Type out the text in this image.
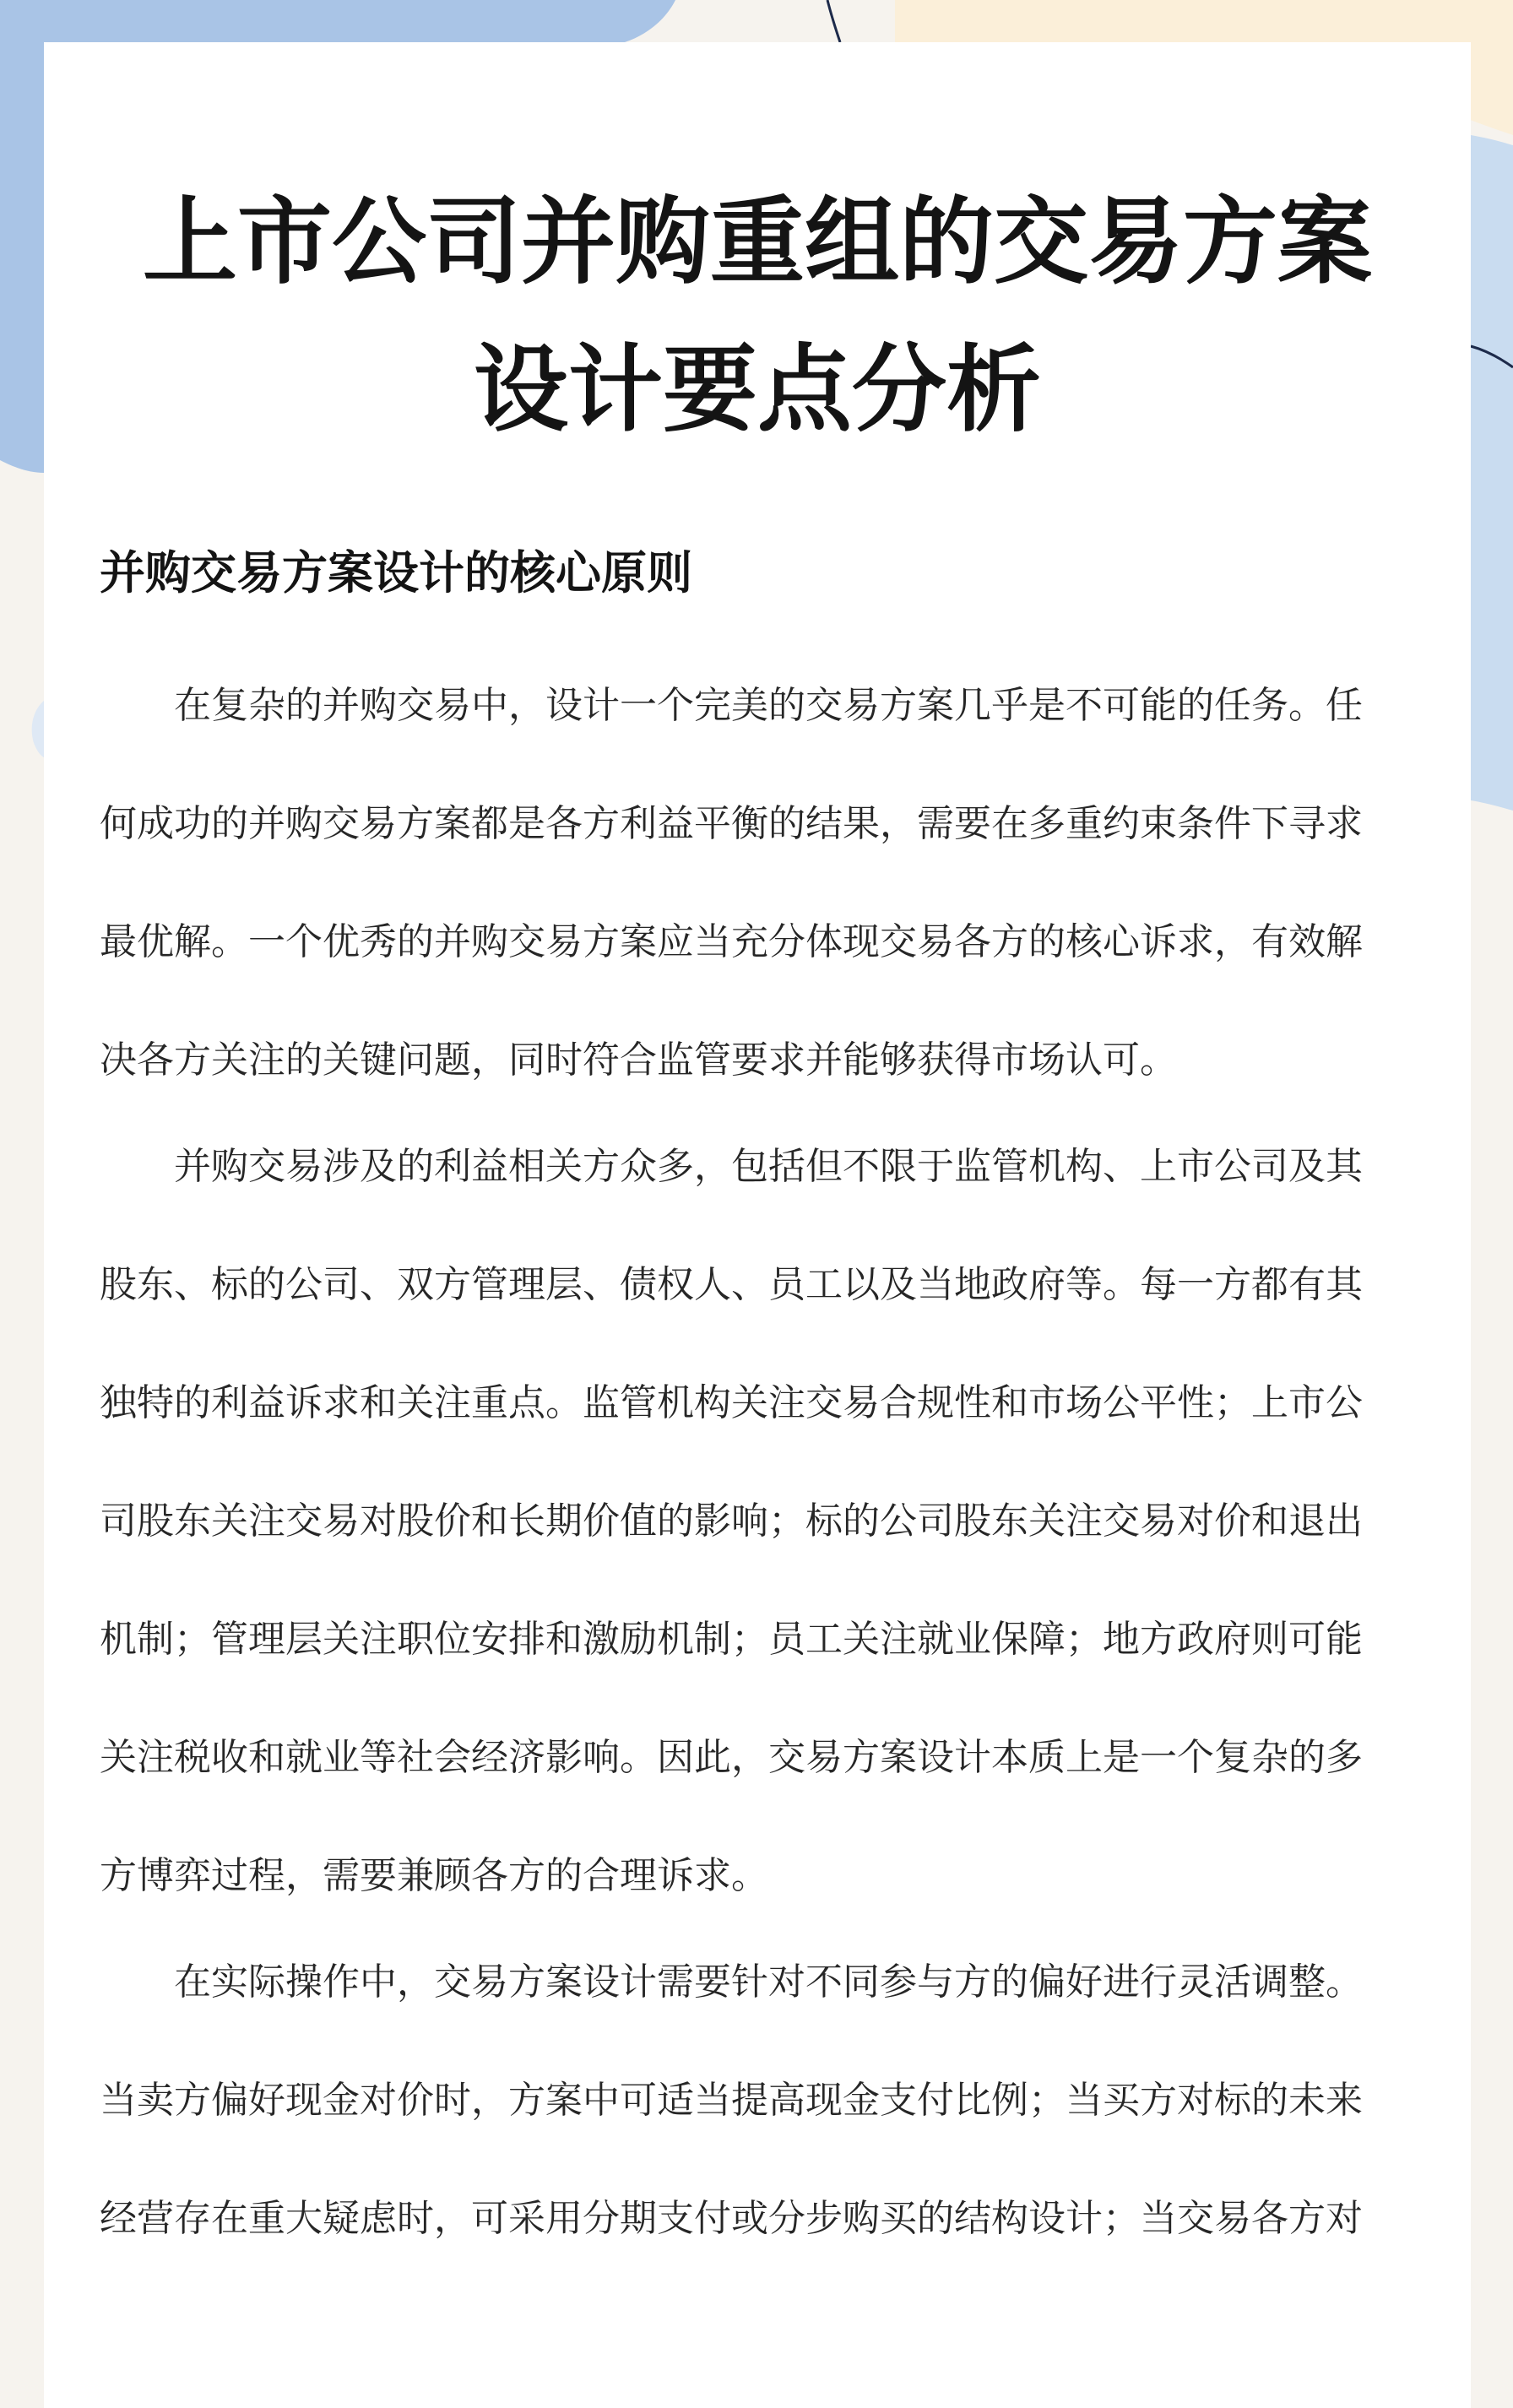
上市公司并购重组的交易方案
设计要点分析
并购交易方案设计的核心原则

在复杂的并购交易中，设计一个完美的交易方案几乎是不可能的任务。任
何成功的并购交易方案都是各方利益平衡的结果，需要在多重约束条件下寻求
最优解。一个优秀的并购交易方案应当充分体现交易各方的核心诉求，有效解
决各方关注的关键问题，同时符合监管要求并能够获得市场认可。

并购交易涉及的利益相关方众多，包括但不限于监管机构、上市公司及其
股东、标的公司、双方管理层、债权人、员工以及当地政府等。每一方都有其
独特的利益诉求和关注重点。监管机构关注交易合规性和市场公平性；上市公
司股东关注交易对股价和长期价值的影响；标的公司股东关注交易对价和退出
机制；管理层关注职位安排和激励机制；员工关注就业保障；地方政府则可能
关注税收和就业等社会经济影响。因此，交易方案设计本质上是一个复杂的多
方博弈过程，需要兼顾各方的合理诉求。

在实际操作中，交易方案设计需要针对不同参与方的偏好进行灵活调整。
当卖方偏好现金对价时，方案中可适当提高现金支付比例；当买方对标的未来
经营存在重大疑虑时，可采用分期支付或分步购买的结构设计；当交易各方对
